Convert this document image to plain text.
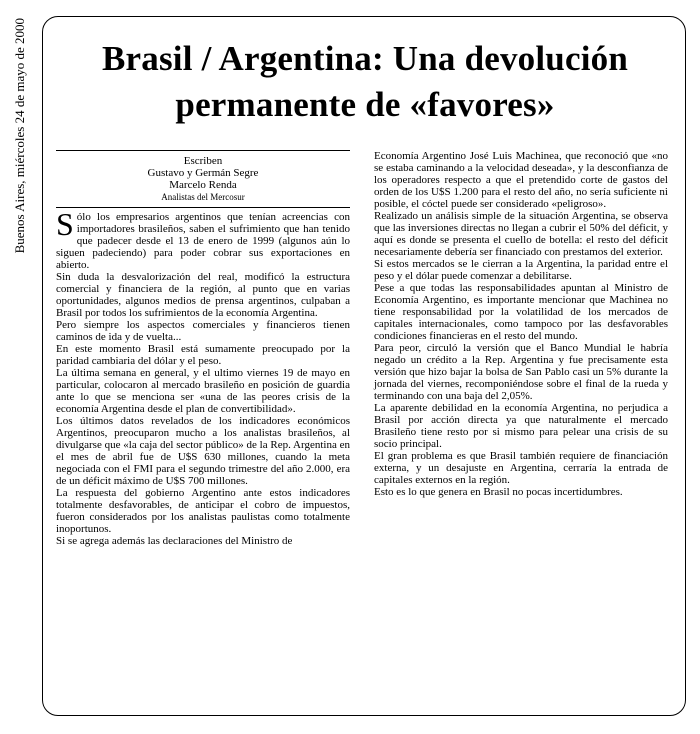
Buenos Aires, miércoles 24 de mayo de 2000	Brasil / Argentina: Una devolución
permanente de «favores»
Escriben
Gustavo y Germán Segre
Marcelo Renda
Analistas del Mercosur

Sólo los empresarios argentinos que tenían acreencias con importadores brasileños, saben el sufrimiento que han tenido que padecer desde el 13 de enero de 1999 (algunos aún lo siguen padeciendo) para poder cobrar sus exportaciones en abierto.

Sin duda la desvalorización del real, modificó la estructura comercial y financiera de la región, al punto que en varias oportunidades, algunos medios de prensa argentinos, culpaban a Brasil por todos los sufrimientos de la economía Argentina.

Pero siempre los aspectos comerciales y financieros tienen caminos de ida y de vuelta...

En este momento Brasil está sumamente preocupado por la paridad cambiaria del dólar y el peso.

La última semana en general, y el ultimo viernes 19 de mayo en particular, colocaron al mercado brasileño en posición de guardia ante lo que se menciona ser «una de las peores crisis de la economía Argentina desde el plan de convertibilidad».

Los últimos datos revelados de los indicadores económicos Argentinos, preocuparon mucho a los analistas brasileños, al divulgarse que «la caja del sector público» de la Rep. Argentina en el mes de abril fue de U$S 630 millones, cuando la meta negociada con el FMI para el segundo trimestre del año 2.000, era de un déficit máximo de U$S 700 millones.

La respuesta del gobierno Argentino ante estos indicadores totalmente desfavorables, de anticipar el cobro de impuestos, fueron considerados por los analistas paulistas como totalmente inoportunos.

Si se agrega además las declaraciones del Ministro de

Economía Argentino José Luis Machinea, que reconoció que «no se estaba caminando a la velocidad deseada», y la desconfianza de los operadores respecto a que el pretendido corte de gastos del orden de los U$S 1.200 para el resto del año, no sería suficiente ni posible, el cóctel puede ser considerado «peligroso».

Realizado un análisis simple de la situación Argentina, se observa que las inversiones directas no llegan a cubrir el 50% del déficit, y aquí es donde se presenta el cuello de botella: el resto del déficit necesariamente debería ser financiado con prestamos del exterior.

Si estos mercados se le cierran a la Argentina, la paridad entre el peso y el dólar puede comenzar a debilitarse.

Pese a que todas las responsabilidades apuntan al Ministro de Economía Argentino, es importante mencionar que Machinea no tiene responsabilidad por la volatilidad de los mercados de capitales internacionales, como tampoco por las desfavorables condiciones financieras en el resto del mundo.

Para peor, circuló la versión que el Banco Mundial le habría negado un crédito a la Rep. Argentina y fue precisamente esta versión que hizo bajar la bolsa de San Pablo casi un 5% durante la jornada del viernes, recomponiéndose sobre el final de la rueda y terminando con una baja del 2,05%.

La aparente debilidad en la economía Argentina, no perjudica a Brasil por acción directa ya que naturalmente el mercado Brasileño tiene resto por si mismo para pelear una crisis de su socio principal.

El gran problema es que Brasil también requiere de financiación externa, y un desajuste en Argentina, cerraría la entrada de capitales externos en la región.

Esto es lo que genera en Brasil no pocas incertidumbres.
